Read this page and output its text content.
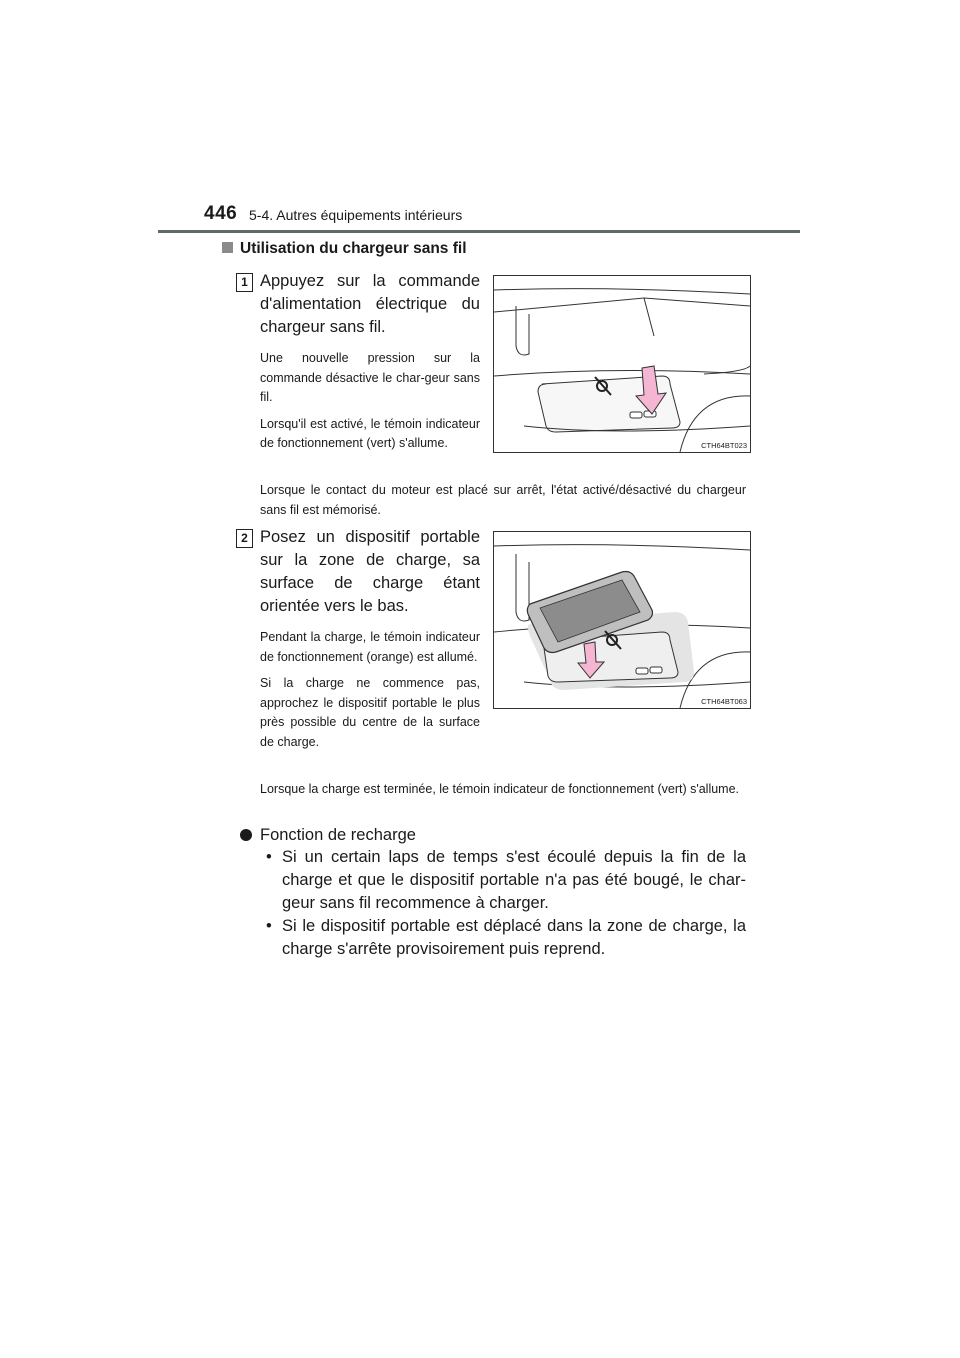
446 5-4. Autres équipements intérieurs
Utilisation du chargeur sans fil
1 Appuyez sur la commande d'alimentation électrique du chargeur sans fil.

Une nouvelle pression sur la commande désactive le char-geur sans fil.

Lorsqu'il est activé, le témoin indicateur de fonctionnement (vert) s'allume.	CTH64BT023

Lorsque le contact du moteur est placé sur arrêt, l'état activé/désactivé du chargeur sans fil est mémorisé.

2 Posez un dispositif portable sur la zone de charge, sa surface de charge étant orientée vers le bas.

Pendant la charge, le témoin indicateur de fonctionnement (orange) est allumé.

Si la charge ne commence pas, approchez le dispositif portable le plus près possible du centre de la surface de charge.

CTH64BT063

Lorsque la charge est terminée, le témoin indicateur de fonctionnement (vert) s'allume.

Fonction de recharge
• Si un certain laps de temps s'est écoulé depuis la fin de la charge et que le dispositif portable n'a pas été bougé, le char-geur sans fil recommence à charger.
• Si le dispositif portable est déplacé dans la zone de charge, la charge s'arrête provisoirement puis reprend.
